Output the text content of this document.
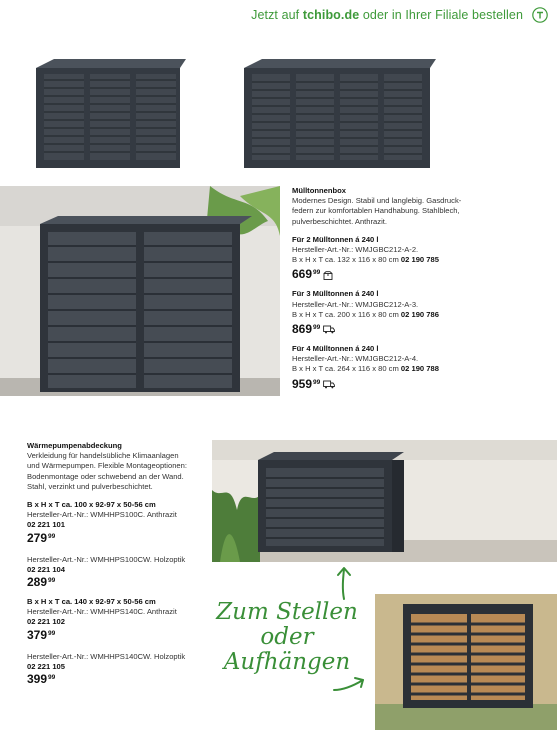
Jetzt auf tchibo.de oder in Ihrer Filiale bestellen
Mülltonnenbox
Modernes Design. Stabil und langlebig. Gasdruck-
federn zur komfortablen Handhabung. Stahlblech,
pulverbeschichtet. Anthrazit.
Für 2 Mülltonnen á 240 l
Hersteller-Art.-Nr.: WMJGBC212-A-2.
B x H x T ca. 132 x 116 x 80 cm 02 190 785
$669^{99}$
Für 3 Mülltonnen á 240 l
Hersteller-Art.-Nr.: WMJGBC212-A-3.
B x H x T ca. 200 x 116 x 80 cm 02 190 786
$869^{99}$
Für 4 Mülltonnen á 240 l
Hersteller-Art.-Nr.: WMJGBC212-A-4.
B x H x T ca. 264 x 116 x 80 cm 02 190 788
$959^{99}$
Wärmepumpenabdeckung
Verkleidung für handelsübliche Klimaanlagen
und Wärmepumpen. Flexible Montageoptionen:
Bodenmontage oder schwebend an der Wand.
Stahl, verzinkt und pulverbeschichtet.
B x H x T ca. 100 x 92-97 x 50-56 cm
Hersteller-Art.-Nr.: WMHHPS100C. Anthrazit
02 221 101
$279^{99}$
Hersteller-Art.-Nr.: WMHHPS100CW. Holzoptik
02 221 104
$289^{99}$
B x H x T ca. 140 x 92-97 x 50-56 cm
Hersteller-Art.-Nr.: WMHHPS140C. Anthrazit
02 221 102
$379^{99}$
Hersteller-Art.-Nr.: WMHHPS140CW. Holzoptik
02 221 105
$399^{99}$
Zum Stellen
oder
Aufhängen
